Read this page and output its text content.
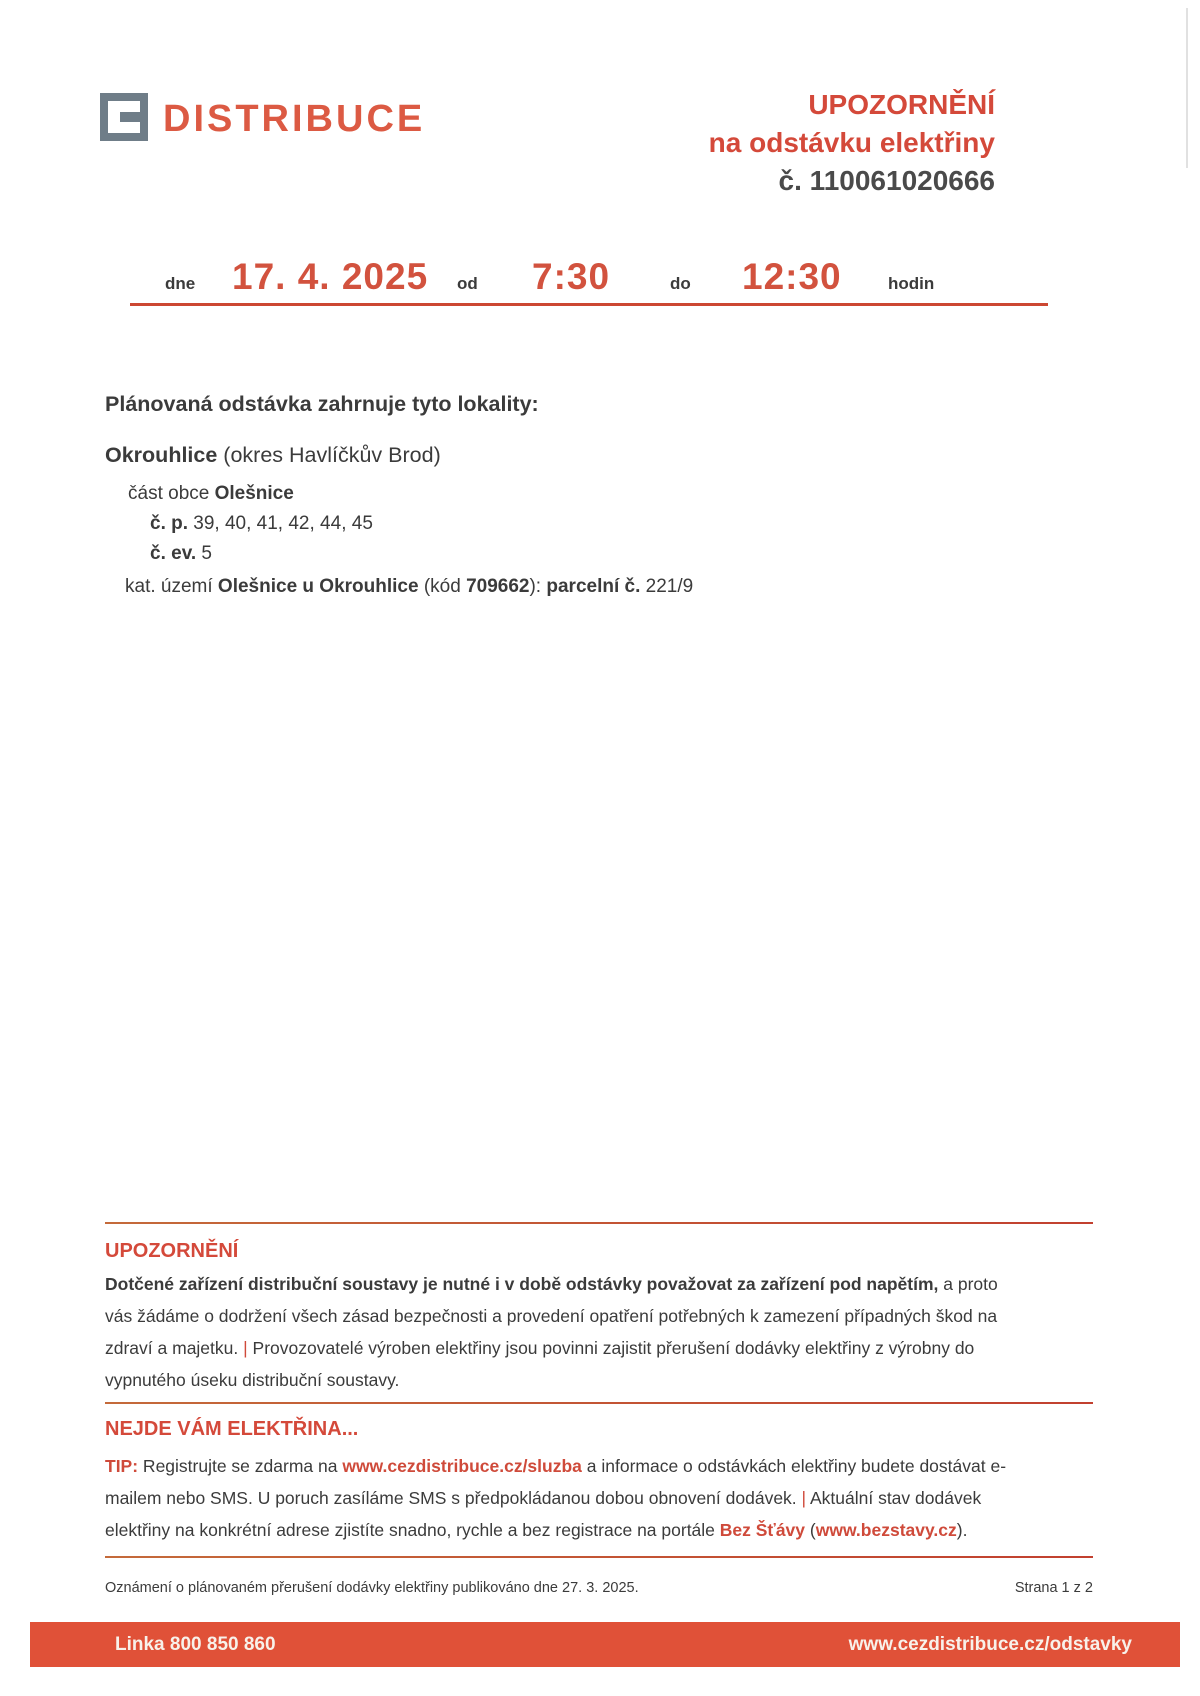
DISTRIBUCE	UPOZORNĚNÍ
na odstávku elektřiny
č. 110061020666
dne 17. 4. 2025 od 7:30	do 12:30	hodin
Plánovaná odstávka zahrnuje tyto lokality:
Okrouhlice (okres Havlíčkův Brod)
část obce Olešnice
č. p. 39, 40, 41, 42, 44, 45
č. ev. 5
kat. území Olešnice u Okrouhlice (kód 709662): parcelní č. 221/9
UPOZORNĚNÍ

Dotčené zařízení distribuční soustavy je nutné i v době odstávky považovat za zařízení pod napětím, a proto vás žádáme o dodržení všech zásad bezpečnosti a provedení opatření potřebných k zamezení případných škod na zdraví a majetku. | Provozovatelé výroben elektřiny jsou povinni zajistit přerušení dodávky elektřiny z výrobny do vypnutého úseku distribuční soustavy.

NEJDE VÁM ELEKTŘINA...

TIP: Registrujte se zdarma na www.cezdistribuce.cz/sluzba a informace o odstávkách elektřiny budete dostávat e-mailem nebo SMS. U poruch zasíláme SMS s předpokládanou dobou obnovení dodávek. | Aktuální stav dodávek elektřiny na konkrétní adrese zjistíte snadno, rychle a bez registrace na portále Bez Šťávy (www.bezstavy.cz).

Oznámení o plánovaném přerušení dodávky elektřiny publikováno dne 27. 3. 2025.	Strana 1 z 2
Linka 800 850 860	www.cezdistribuce.cz/odstavky
